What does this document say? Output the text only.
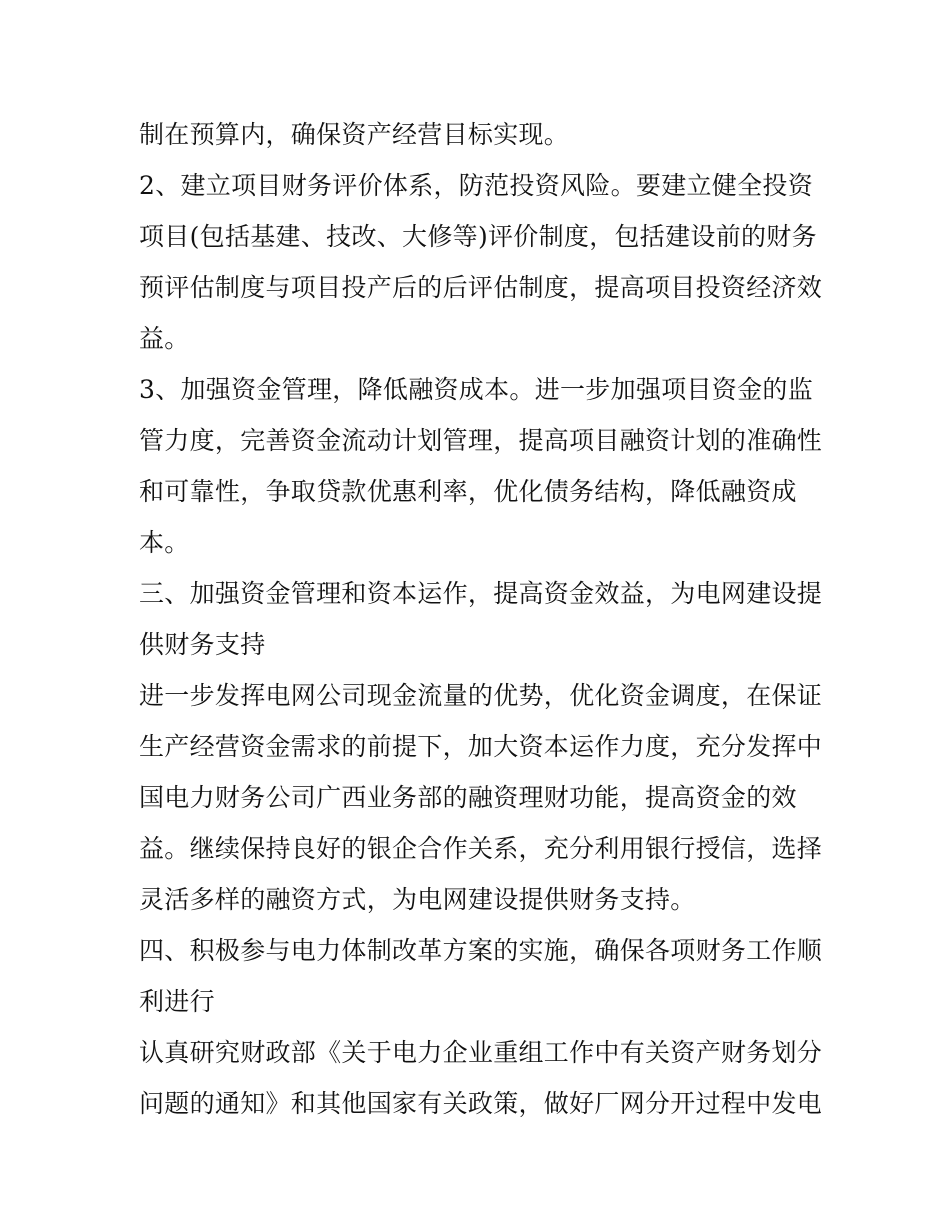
制在预算内，确保资产经营目标实现。
2、建立项目财务评价体系，防范投资风险。要建立健全投资
项目(包括基建、技改、大修等)评价制度，包括建设前的财务
预评估制度与项目投产后的后评估制度，提高项目投资经济效
益。
3、加强资金管理，降低融资成本。进一步加强项目资金的监
管力度，完善资金流动计划管理，提高项目融资计划的准确性
和可靠性，争取贷款优惠利率，优化债务结构，降低融资成
本。
三、加强资金管理和资本运作，提高资金效益，为电网建设提
供财务支持
进一步发挥电网公司现金流量的优势，优化资金调度，在保证
生产经营资金需求的前提下，加大资本运作力度，充分发挥中
国电力财务公司广西业务部的融资理财功能，提高资金的效
益。继续保持良好的银企合作关系，充分利用银行授信，选择
灵活多样的融资方式，为电网建设提供财务支持。
四、积极参与电力体制改革方案的实施，确保各项财务工作顺
利进行
认真研究财政部《关于电力企业重组工作中有关资产财务划分
问题的通知》和其他国家有关政策，做好厂网分开过程中发电
